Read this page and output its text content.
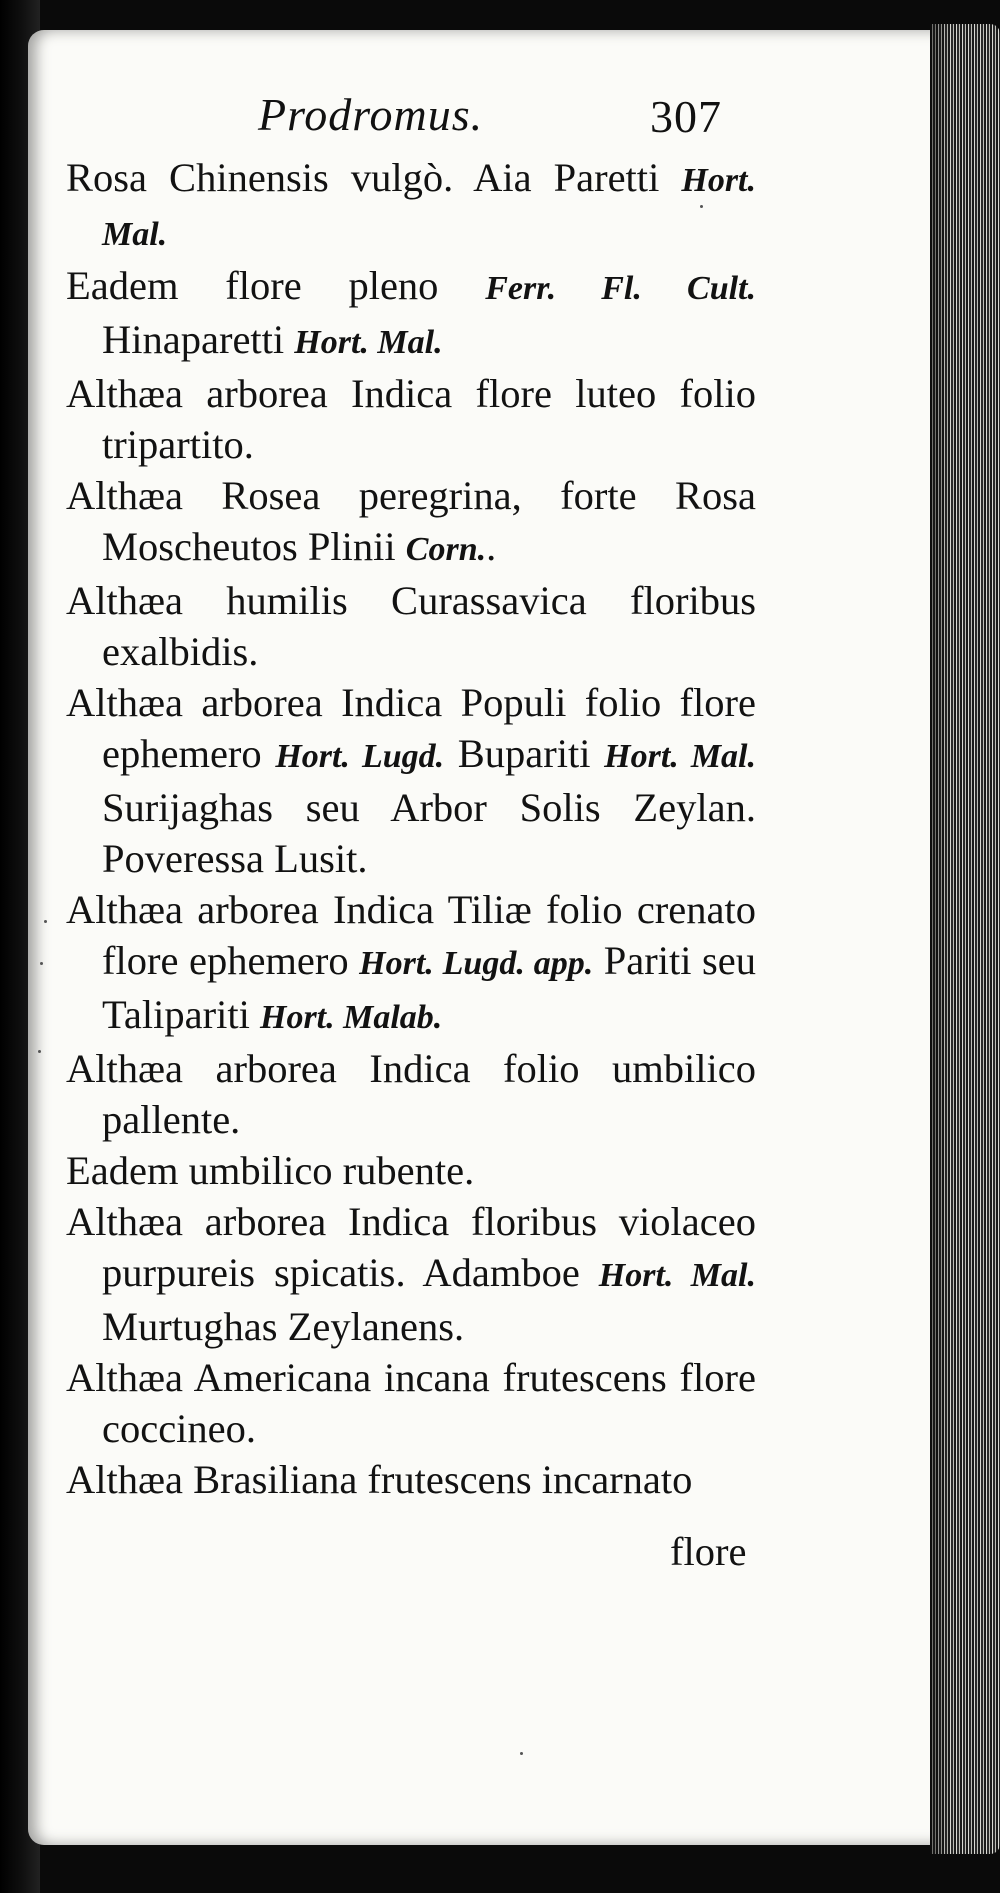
Prodromus.	307

Rosa Chinensis vulgò. Aia Paretti Hort. Mal.

Eadem flore pleno Ferr. Fl. Cult. Hinaparetti Hort. Mal.

Althæa arborea Indica flore luteo folio tripartito.

Althæa Rosea peregrina, forte Rosa Moscheutos Plinii Corn..

Althæa humilis Curassavica floribus exalbidis.

Althæa arborea Indica Populi folio flore ephemero Hort. Lugd. Bupariti Hort. Mal. Surijaghas seu Arbor Solis Zeylan. Poveressa Lusit.

Althæa arborea Indica Tiliæ folio crenato flore ephemero Hort. Lugd. app. Pariti seu Talipariti Hort. Malab.

Althæa arborea Indica folio umbilico pallente.

Eadem umbilico rubente.

Althæa arborea Indica floribus violaceo purpureis spicatis. Adamboe Hort. Mal. Murtughas Zeylanens.

Althæa Americana incana frutescens flore coccineo.

Althæa Brasiliana frutescens incarnato

flore
